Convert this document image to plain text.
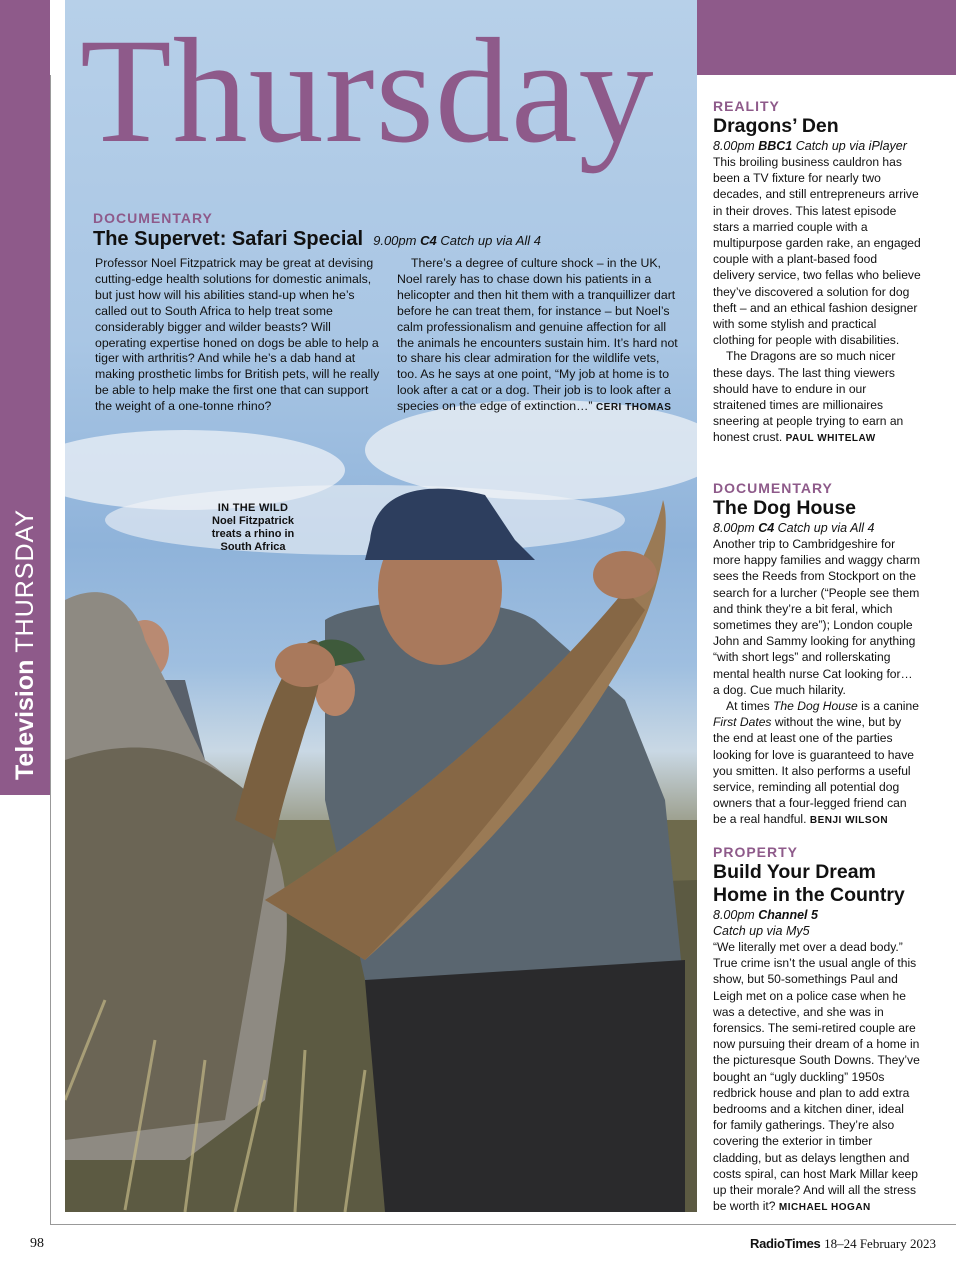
Television THURSDAY
Thursday
DOCUMENTARY
The Supervet: Safari Special 9.00pm C4 Catch up via All 4
Professor Noel Fitzpatrick may be great at devising cutting-edge health solutions for domestic animals, but just how will his abilities stand-up when he’s called out to South Africa to help treat some considerably bigger and wilder beasts? Will operating expertise honed on dogs be able to help a tiger with arthritis? And while he’s a dab hand at making prosthetic limbs for British pets, will he really be able to help make the first one that can support the weight of a one-tonne rhino?
There’s a degree of culture shock – in the UK, Noel rarely has to chase down his patients in a helicopter and then hit them with a tranquillizer dart before he can treat them, for instance – but Noel’s calm professionalism and genuine affection for all the animals he encounters sustain him. It’s hard not to share his clear admiration for the wildlife vets, too. As he says at one point, “My job at home is to look after a cat or a dog. Their job is to look after a species on the edge of extinction…” CERI THOMAS
IN THE WILD
Noel Fitzpatrick treats a rhino in South Africa
REALITY
Dragons’ Den
8.00pm BBC1 Catch up via iPlayer

This broiling business cauldron has been a TV fixture for nearly two decades, and still entrepreneurs arrive in their droves. This latest episode stars a married couple with a multipurpose garden rake, an engaged couple with a plant-based food delivery service, two fellas who believe they’ve discovered a solution for dog theft – and an ethical fashion designer with some stylish and practical clothing for people with disabilities.

The Dragons are so much nicer these days. The last thing viewers should have to endure in our straitened times are millionaires sneering at people trying to earn an honest crust. PAUL WHITELAW

DOCUMENTARY
The Dog House
8.00pm C4 Catch up via All 4

Another trip to Cambridgeshire for more happy families and waggy charm sees the Reeds from Stockport on the search for a lurcher (“People see them and think they’re a bit feral, which sometimes they are”); London couple John and Sammy looking for anything “with short legs” and rollerskating mental health nurse Cat looking for… a dog. Cue much hilarity.

At times The Dog House is a canine First Dates without the wine, but by the end at least one of the parties looking for love is guaranteed to have you smitten. It also performs a useful service, reminding all potential dog owners that a four-legged friend can be a real handful. BENJI WILSON

PROPERTY
Build Your Dream Home in the Country
8.00pm Channel 5
Catch up via My5

“We literally met over a dead body.” True crime isn’t the usual angle of this show, but 50-somethings Paul and Leigh met on a police case when he was a detective, and she was in forensics. The semi-retired couple are now pursuing their dream of a home in the picturesque South Downs. They’ve bought an “ugly duckling” 1950s redbrick house and plan to add extra bedrooms and a kitchen diner, ideal for family gatherings. They’re also covering the exterior in timber cladding, but as delays lengthen and costs spiral, can host Mark Millar keep up their morale? And will all the stress be worth it? MICHAEL HOGAN

98	RadioTimes 18–24 February 2023
